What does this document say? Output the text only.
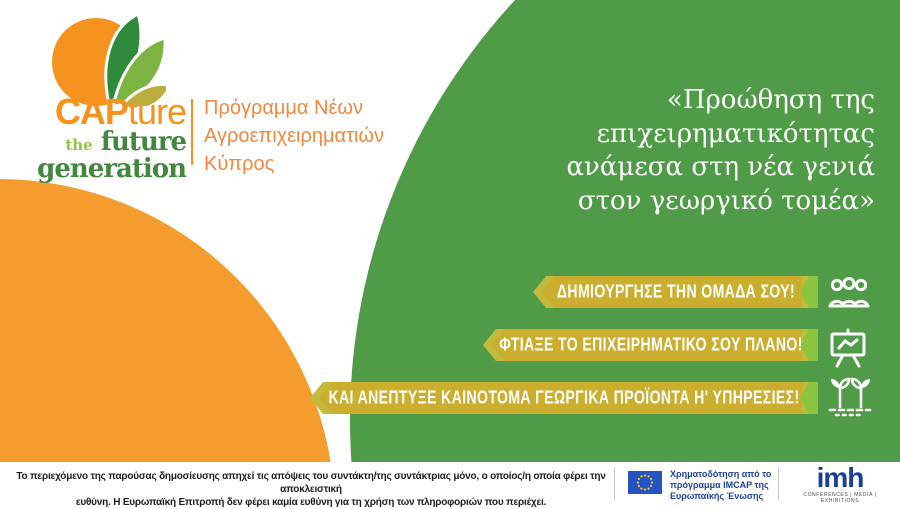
CAPture
the future
generation
Πρόγραμμα Νέων
Αγροεπιχειρηματιών
Κύπρος
«Προώθηση της
επιχειρηματικότητας
ανάμεσα στη νέα γενιά
στον γεωργικό τομέα»
ΔΗΜΙΟΥΡΓΗΣΕ ΤΗΝ ΟΜΑΔΑ ΣΟΥ!
ΦΤΙΑΞΕ ΤΟ ΕΠΙΧΕΙΡΗΜΑΤΙΚΟ ΣΟΥ ΠΛΑΝΟ!
ΚΑΙ ΑΝΕΠΤΥΞΕ ΚΑΙΝΟΤΟΜΑ ΓΕΩΡΓΙΚΑ ΠΡΟΪΟΝΤΑ Η' ΥΠΗΡΕΣΙΕΣ!
Το περιεχόμενο της παρούσας δημοσίευσης απηχεί τις απόψεις του συντάκτη/της συντάκτριας μόνο, ο οποίος/η οποία φέρει την αποκλειστική
ευθύνη. Η Ευρωπαϊκή Επιτροπή δεν φέρει καμία ευθύνη για τη χρήση των πληροφοριών που περιέχει.
Χρηματοδότηση από το
πρόγραμμα IMCAP της
Ευρωπαϊκής Ένωσης
imh
CONFERENCES | MEDIA | EXHIBITIONS
